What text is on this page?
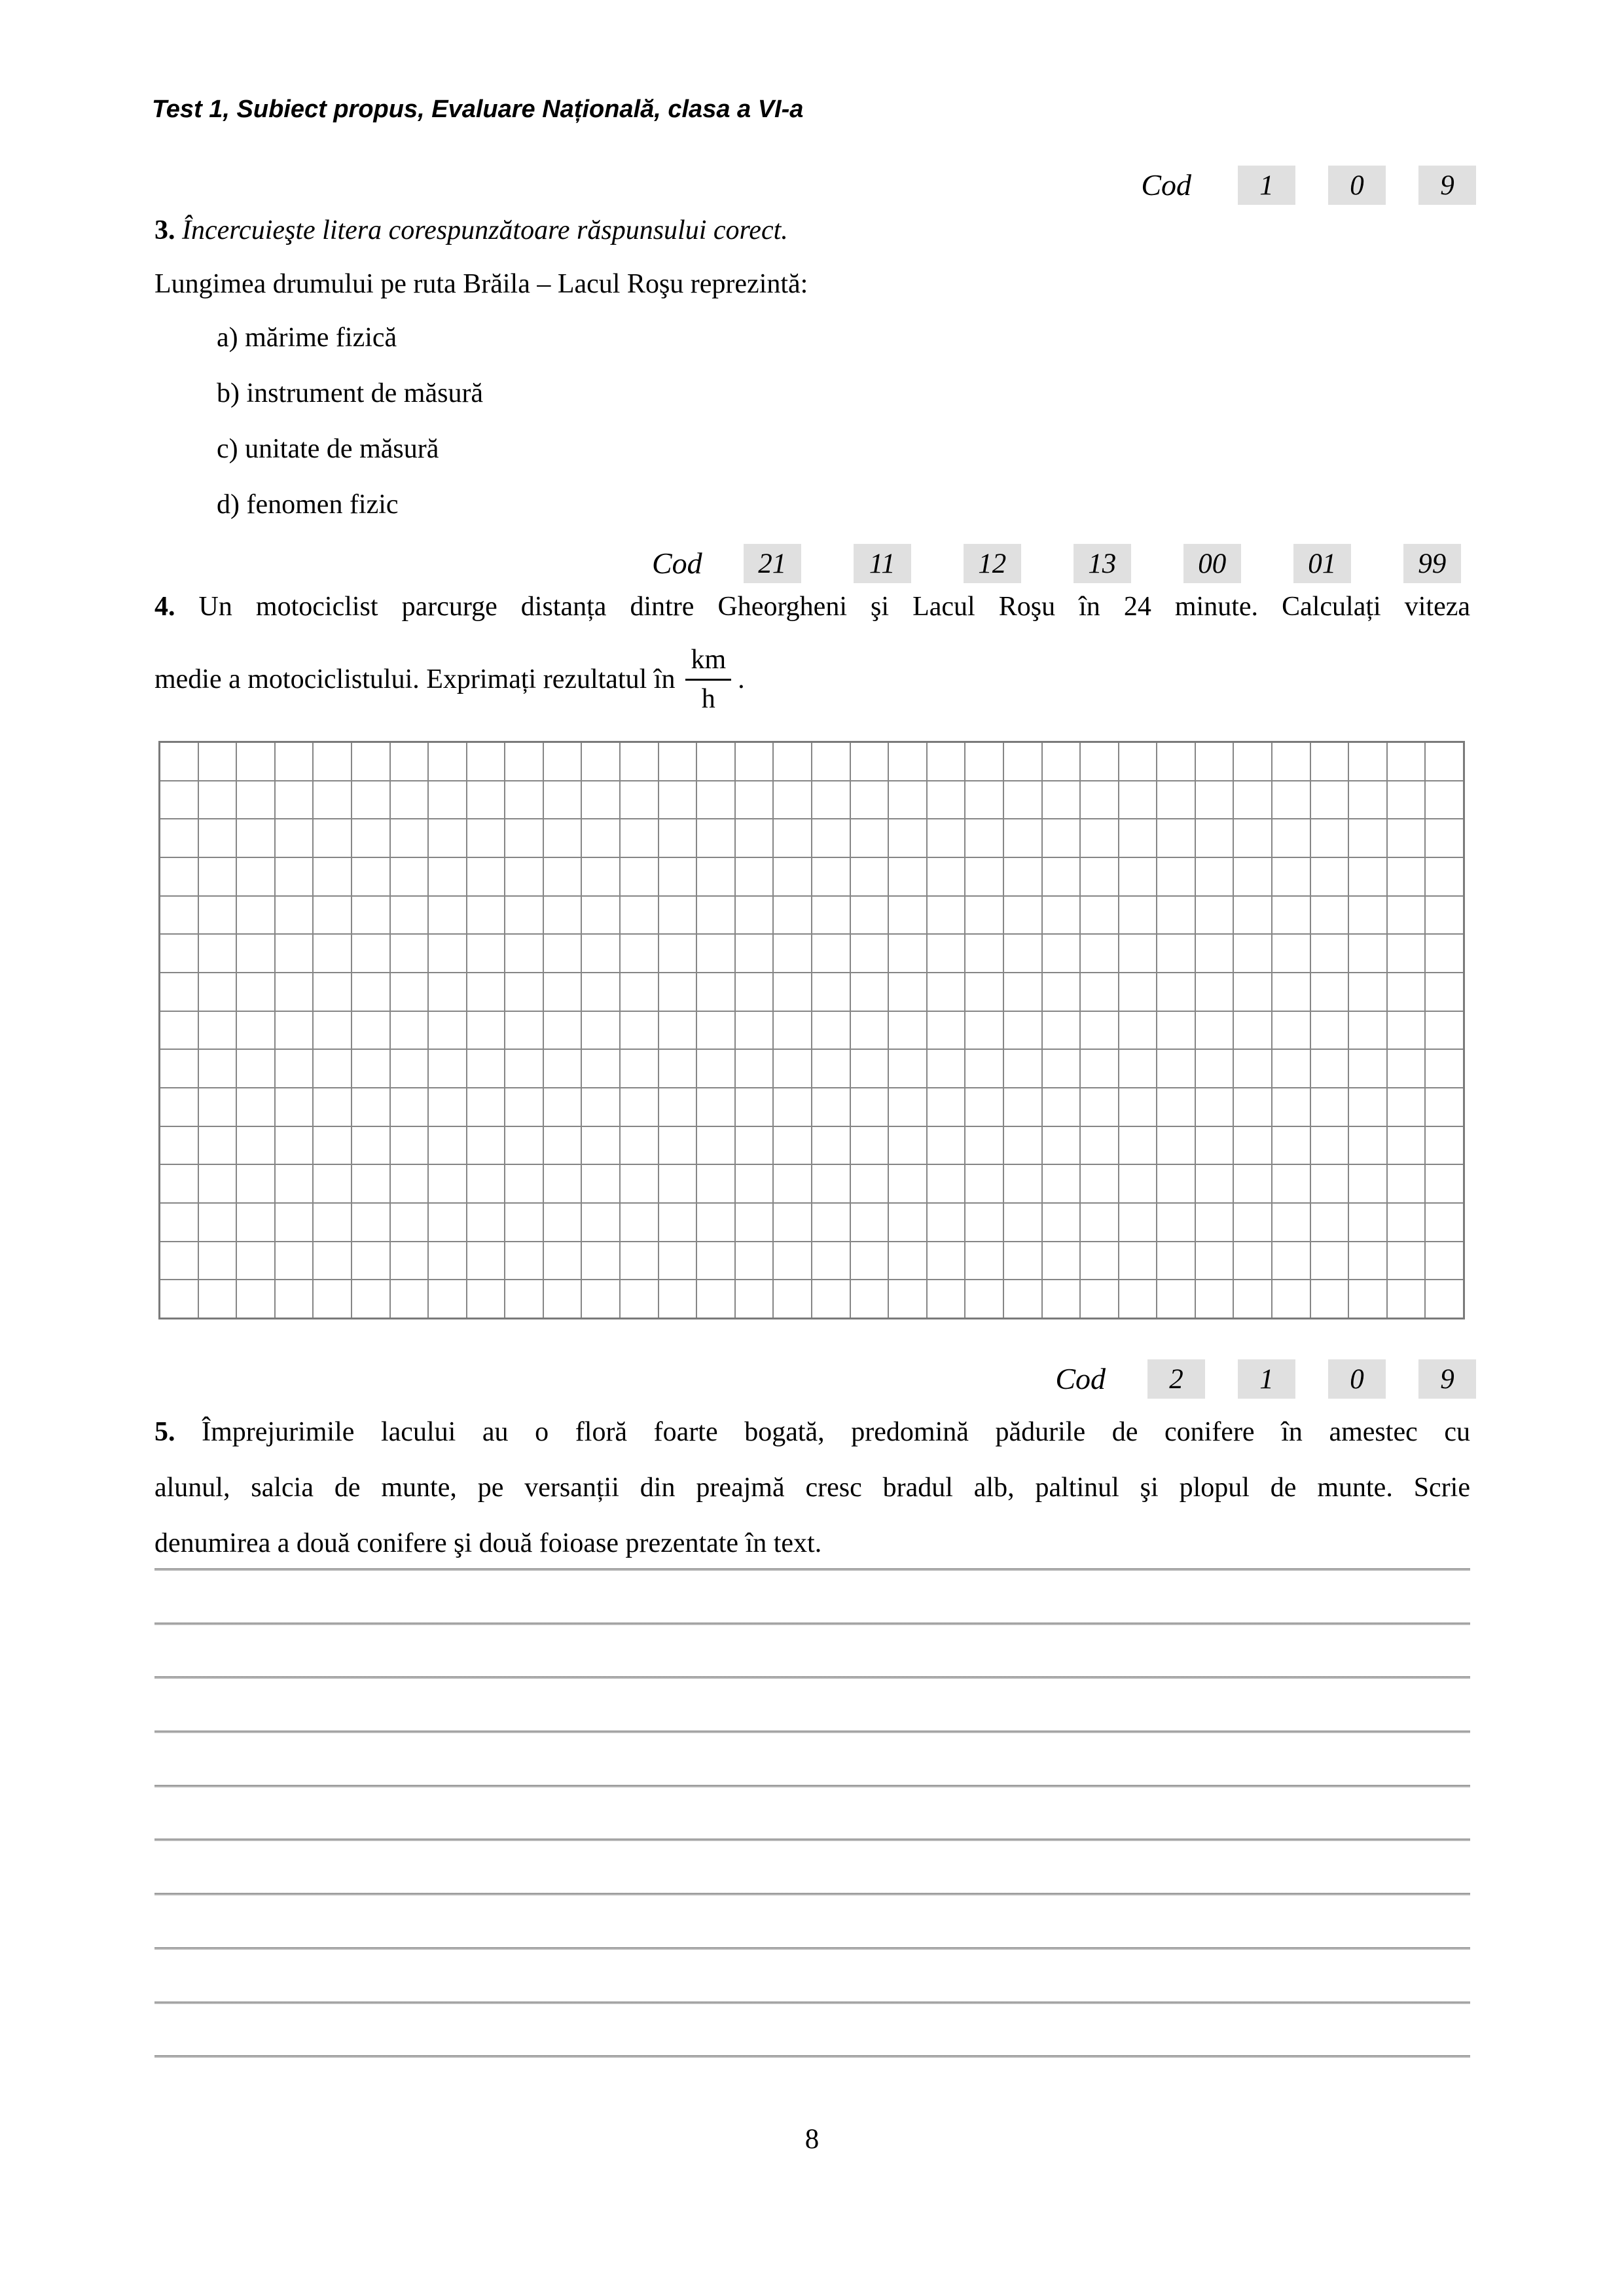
Test 1, Subiect propus, Evaluare Națională, clasa a VI-a
Cod	1	0	9
3. Încercuieşte litera corespunzătoare răspunsului corect.
Lungimea drumului pe ruta Brăila – Lacul Roşu reprezintă:
a) mărime fizică
b) instrument de măsură
c) unitate de măsură
d) fenomen fizic
Cod	21	11	12	13	00	01	99
4. Un motociclist parcurge distanța dintre Gheorgheni şi Lacul Roşu în 24 minute. Calculați viteza
medie a motociclistului. Exprimați rezultatul în $\frac{km}{h}$ .
Cod	2	1	0	9
5. Împrejurimile lacului au o floră foarte bogată, predomină pădurile de conifere în amestec cu
alunul, salcia de munte, pe versanții din preajmă cresc bradul alb, paltinul şi plopul de munte. Scrie
denumirea a două conifere şi două foioase prezentate în text.
8
